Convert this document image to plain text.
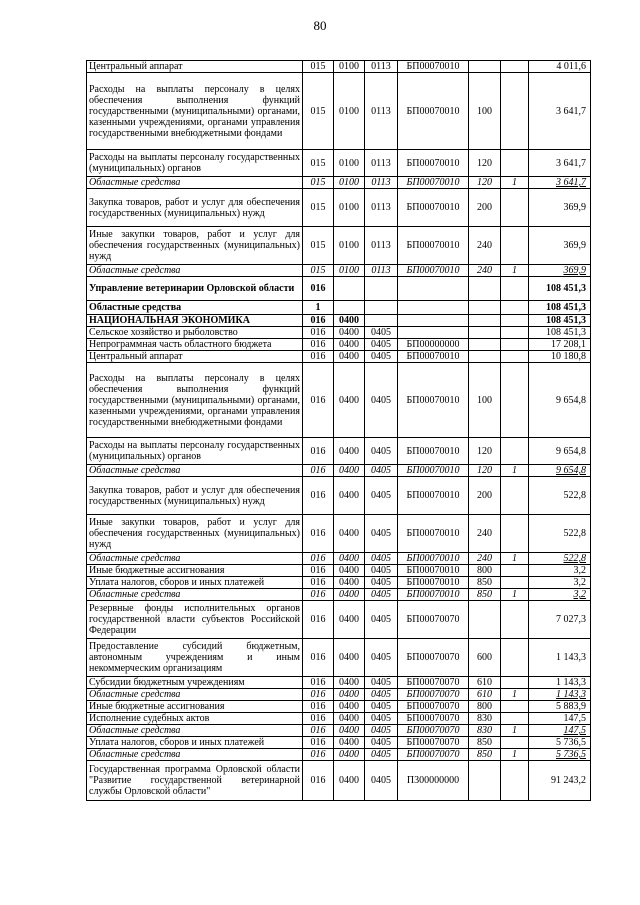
80
Центральный аппарат	015	0100	0113	БП00070010			4 011,6
Расходы на выплаты персоналу в целях обеспечения выполнения функций государственными (муниципальными) органами, казенными учреждениями, органами управления государственными внебюджетными фондами	015	0100	0113	БП00070010	100		3 641,7
Расходы на выплаты персоналу государственных (муниципальных) органов	015	0100	0113	БП00070010	120		3 641,7
Областные средства	015	0100	0113	БП00070010	120	1	3 641,7
Закупка товаров, работ и услуг для обеспечения государственных (муниципальных) нужд	015	0100	0113	БП00070010	200		369,9
Иные закупки товаров, работ и услуг для обеспечения государственных (муниципальных) нужд	015	0100	0113	БП00070010	240		369,9
Областные средства	015	0100	0113	БП00070010	240	1	369,9
Управление ветеринарии Орловской области	016						108 451,3
Областные средства	1						108 451,3
НАЦИОНАЛЬНАЯ ЭКОНОМИКА	016	0400					108 451,3
Сельское хозяйство и рыболовство	016	0400	0405				108 451,3
Непрограммная часть областного бюджета	016	0400	0405	БП00000000			17 208,1
Центральный аппарат	016	0400	0405	БП00070010			10 180,8
Расходы на выплаты персоналу в целях обеспечения выполнения функций государственными (муниципальными) органами, казенными учреждениями, органами управления государственными внебюджетными фондами	016	0400	0405	БП00070010	100		9 654,8
Расходы на выплаты персоналу государственных (муниципальных) органов	016	0400	0405	БП00070010	120		9 654,8
Областные средства	016	0400	0405	БП00070010	120	1	9 654,8
Закупка товаров, работ и услуг для обеспечения государственных (муниципальных) нужд	016	0400	0405	БП00070010	200		522,8
Иные закупки товаров, работ и услуг для обеспечения государственных (муниципальных) нужд	016	0400	0405	БП00070010	240		522,8
Областные средства	016	0400	0405	БП00070010	240	1	522,8
Иные бюджетные ассигнования	016	0400	0405	БП00070010	800		3,2
Уплата налогов, сборов и иных платежей	016	0400	0405	БП00070010	850		3,2
Областные средства	016	0400	0405	БП00070010	850	1	3,2
Резервные фонды исполнительных органов государственной власти субъектов Российской Федерации	016	0400	0405	БП00070070			7 027,3
Предоставление субсидий бюджетным, автономным учреждениям и иным некоммерческим организациям	016	0400	0405	БП00070070	600		1 143,3
Субсидии бюджетным учреждениям	016	0400	0405	БП00070070	610		1 143,3
Областные средства	016	0400	0405	БП00070070	610	1	1 143,3
Иные бюджетные ассигнования	016	0400	0405	БП00070070	800		5 883,9
Исполнение судебных актов	016	0400	0405	БП00070070	830		147,5
Областные средства	016	0400	0405	БП00070070	830	1	147,5
Уплата налогов, сборов и иных платежей	016	0400	0405	БП00070070	850		5 736,5
Областные средства	016	0400	0405	БП00070070	850	1	5 736,5
Государственная программа Орловской области "Развитие государственной ветеринарной службы Орловской области"	016	0400	0405	П300000000			91 243,2
